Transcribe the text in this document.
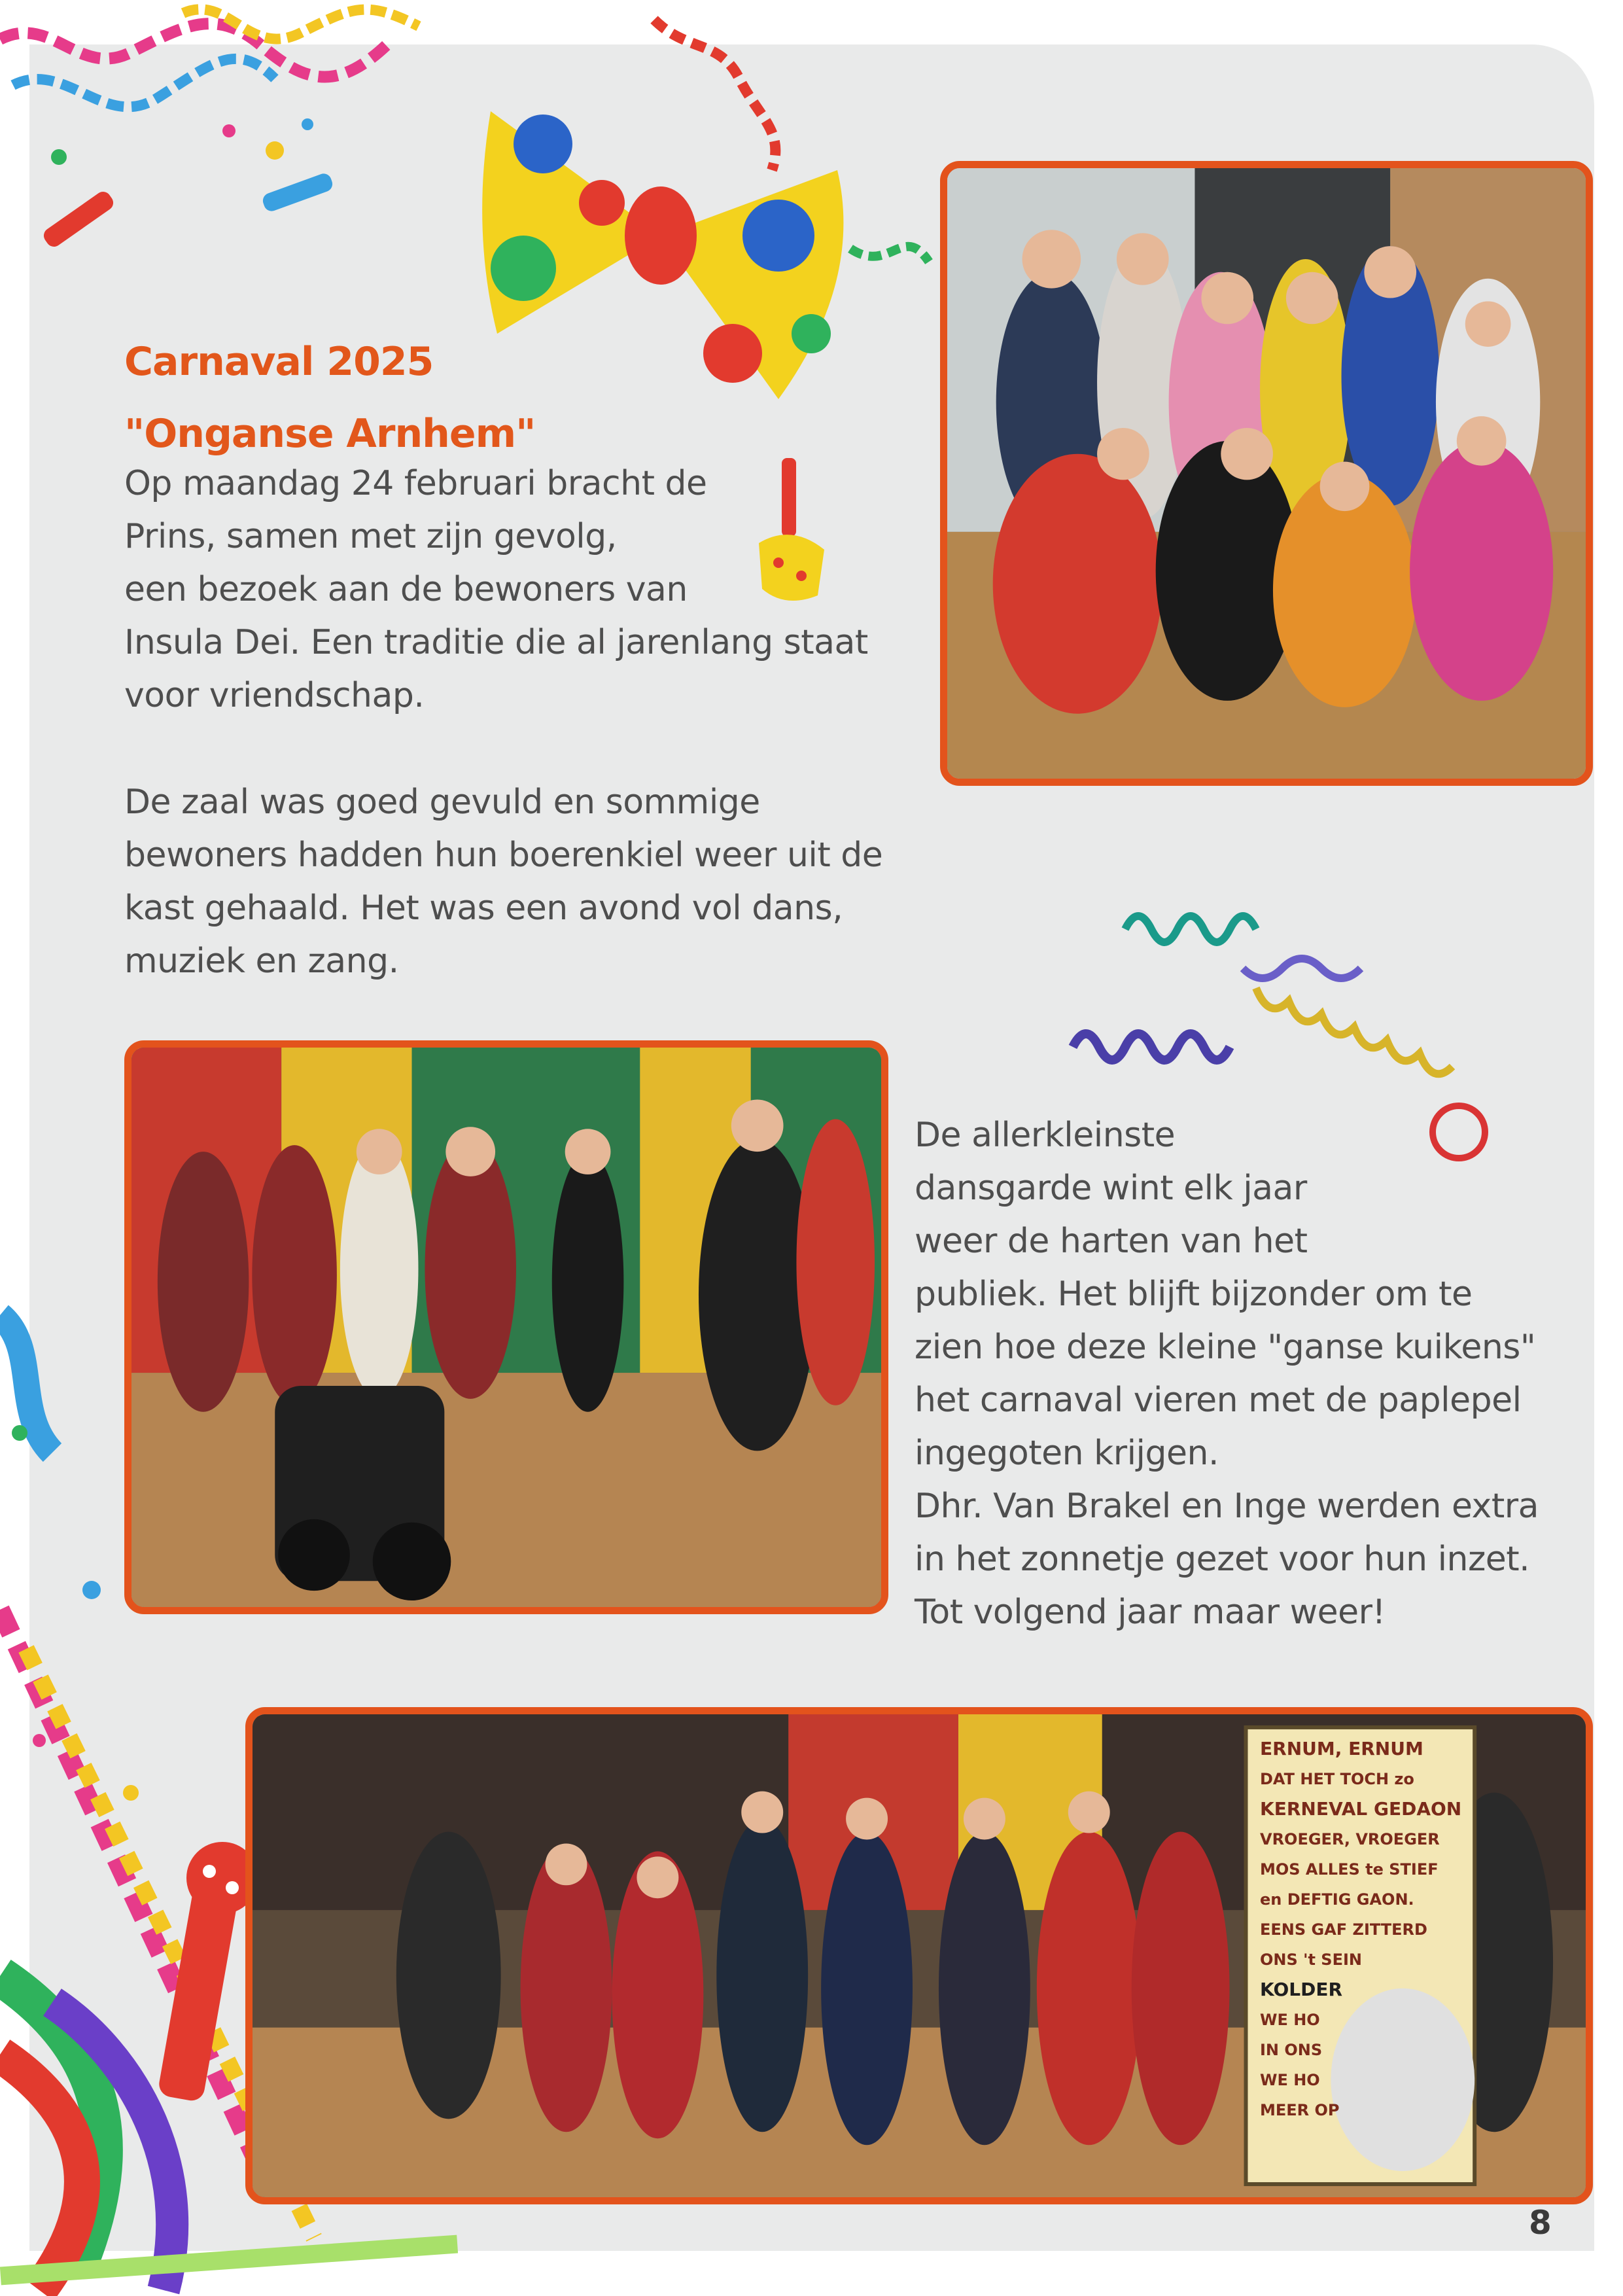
Carnaval 2025
"Onganse Arnhem"

Op maandag 24 februari bracht de
Prins, samen met zijn gevolg,
een bezoek aan de bewoners van
Insula Dei. Een traditie die al jarenlang staat
voor vriendschap.

De zaal was goed gevuld en sommige
bewoners hadden hun boerenkiel weer uit de
kast gehaald. Het was een avond vol dans,
muziek en zang.

De allerkleinste
dansgarde wint elk jaar
weer de harten van het
publiek. Het blijft bijzonder om te
zien hoe deze kleine "ganse kuikens"
het carnaval vieren met de paplepel
ingegoten krijgen.
Dhr. Van Brakel en Inge werden extra
in het zonnetje gezet voor hun inzet.
Tot volgend jaar maar weer!

ERNUM, ERNUM
DAT HET TOCH zo
KERNEVAL GEDAON
VROEGER, VROEGER
MOS ALLES te STIEF
en DEFTIG GAON.
EENS GAF ZITTERD
ONS 't SEIN
KOLDER
WE HO
IN ONS
WE HO
MEER OP
8
